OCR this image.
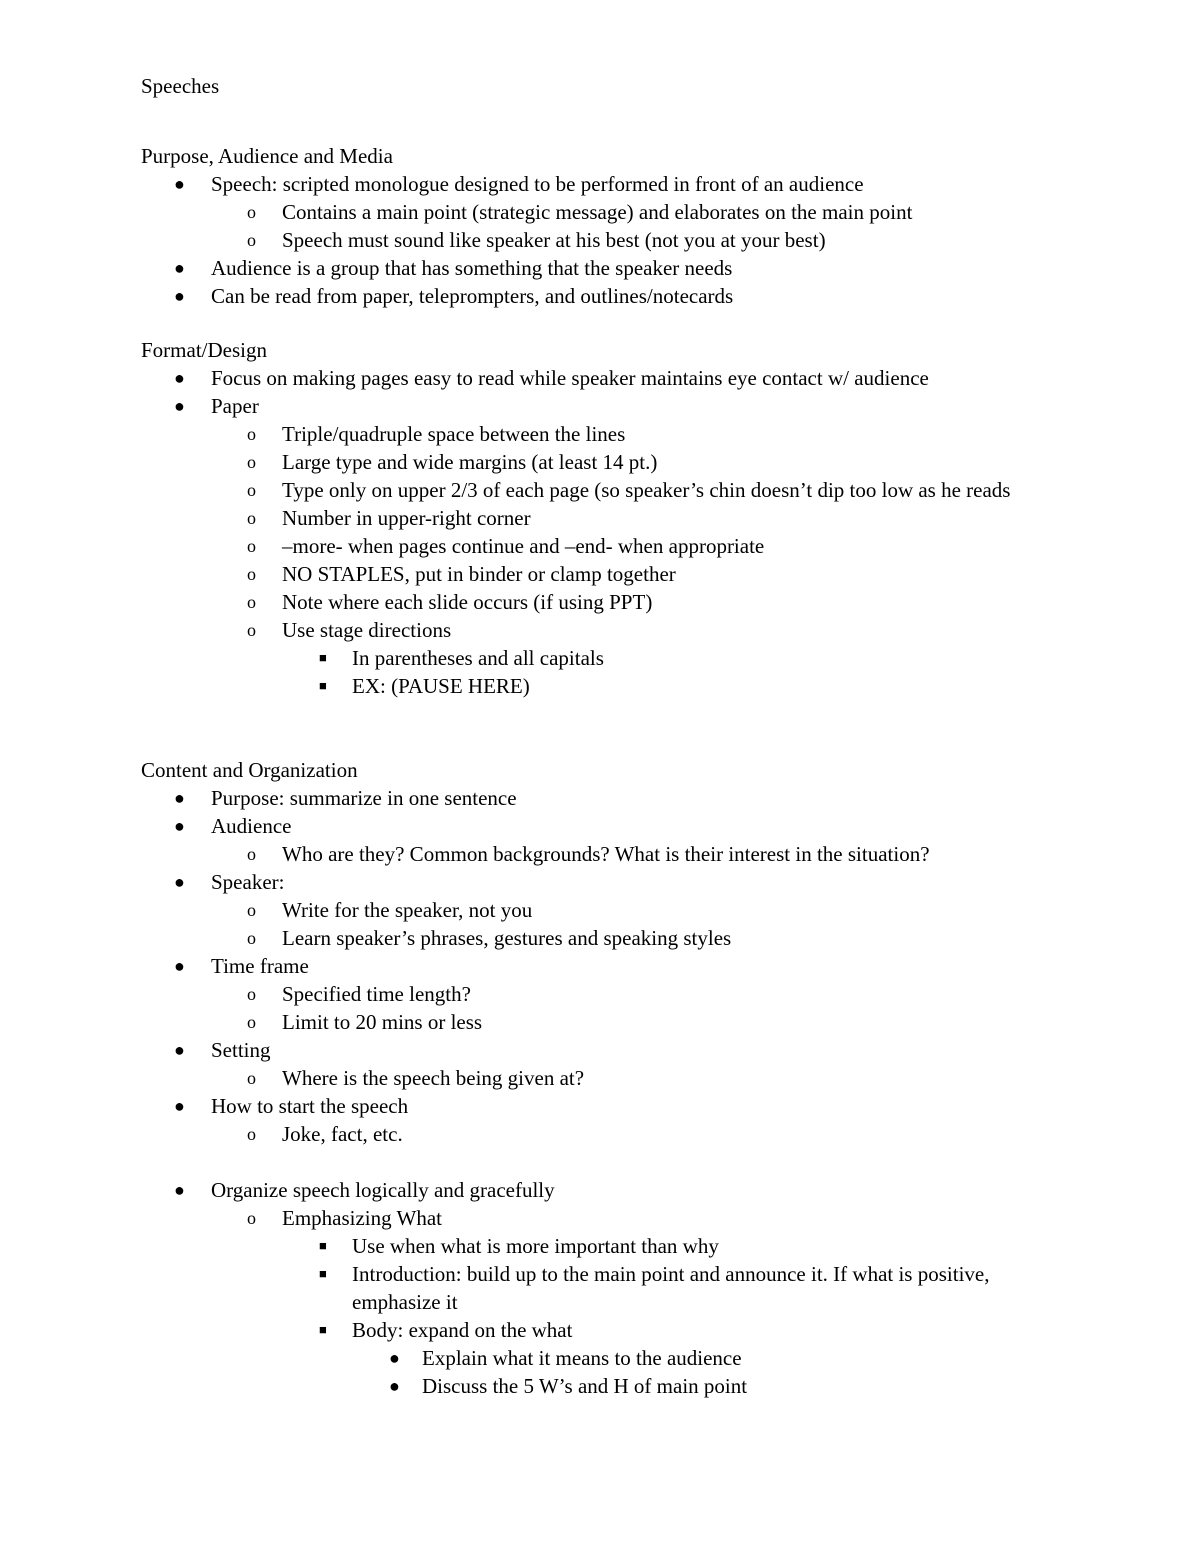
Speeches
Purpose, Audience and Media
● Speech: scripted monologue designed to be performed in front of an audience
o Contains a main point (strategic message) and elaborates on the main point
o Speech must sound like speaker at his best (not you at your best)
● Audience is a group that has something that the speaker needs
● Can be read from paper, teleprompters, and outlines/notecards
Format/Design
● Focus on making pages easy to read while speaker maintains eye contact w/ audience
● Paper
o Triple/quadruple space between the lines
o Large type and wide margins (at least 14 pt.)
o Type only on upper 2/3 of each page (so speaker’s chin doesn’t dip too low as he reads
o Number in upper-right corner
o –more- when pages continue and –end- when appropriate
o NO STAPLES, put in binder or clamp together
o Note where each slide occurs (if using PPT)
o Use stage directions
■ In parentheses and all capitals
■ EX: (PAUSE HERE)
Content and Organization
● Purpose: summarize in one sentence
● Audience
o Who are they? Common backgrounds? What is their interest in the situation?
● Speaker:
o Write for the speaker, not you
o Learn speaker’s phrases, gestures and speaking styles
● Time frame
o Specified time length?
o Limit to 20 mins or less
● Setting
o Where is the speech being given at?
● How to start the speech
o Joke, fact, etc.
● Organize speech logically and gracefully
o Emphasizing What
■ Use when what is more important than why
■ Introduction: build up to the main point and announce it. If what is positive, emphasize it
■ Body: expand on the what
● Explain what it means to the audience
● Discuss the 5 W’s and H of main point
